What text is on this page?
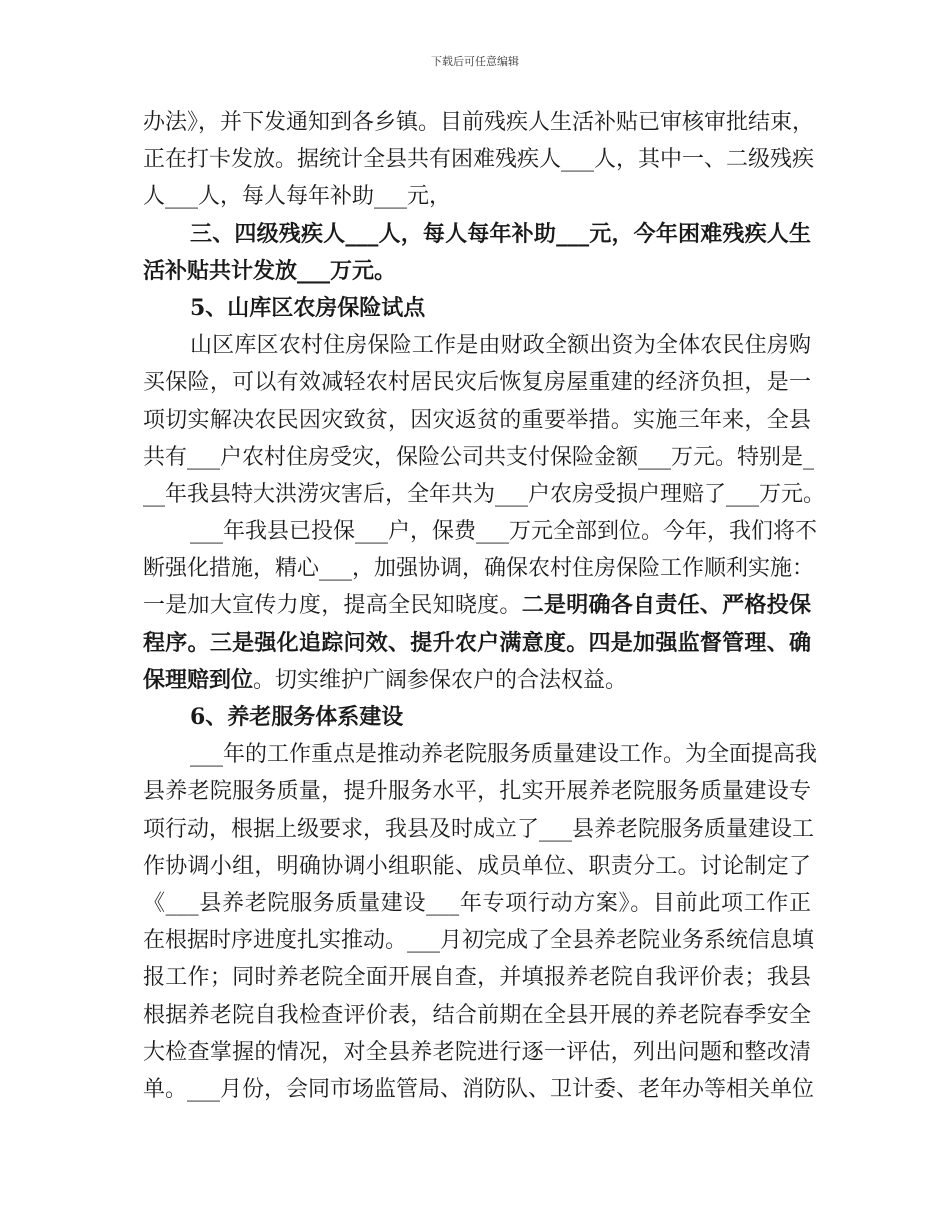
下载后可任意编辑
办法》，并下发通知到各乡镇。目前残疾人生活补贴已审核审批结束，
正在打卡发放。据统计全县共有困难残疾人___人，其中一、二级残疾
人___人，每人每年补助___元，
三、四级残疾人___人，每人每年补助___元，今年困难残疾人生
活补贴共计发放___万元。
5、山库区农房保险试点
山区库区农村住房保险工作是由财政全额出资为全体农民住房购
买保险，可以有效减轻农村居民灾后恢复房屋重建的经济负担，是一
项切实解决农民因灾致贫，因灾返贫的重要举措。实施三年来，全县
共有___户农村住房受灾，保险公司共支付保险金额___万元。特别是_
__年我县特大洪涝灾害后，全年共为___户农房受损户理赔了___万元。
___年我县已投保___户，保费___万元全部到位。今年，我们将不
断强化措施，精心___，加强协调，确保农村住房保险工作顺利实施：
一是加大宣传力度，提高全民知晓度。二是明确各自责任、严格投保
程序。三是强化追踪问效、提升农户满意度。四是加强监督管理、确
保理赔到位。切实维护广阔参保农户的合法权益。
6、养老服务体系建设
___年的工作重点是推动养老院服务质量建设工作。为全面提高我
县养老院服务质量，提升服务水平，扎实开展养老院服务质量建设专
项行动，根据上级要求，我县及时成立了___县养老院服务质量建设工
作协调小组，明确协调小组职能、成员单位、职责分工。讨论制定了
《___县养老院服务质量建设___年专项行动方案》。目前此项工作正
在根据时序进度扎实推动。___月初完成了全县养老院业务系统信息填
报工作；同时养老院全面开展自查，并填报养老院自我评价表；我县
根据养老院自我检查评价表，结合前期在全县开展的养老院春季安全
大检查掌握的情况，对全县养老院进行逐一评估，列出问题和整改清
单。___月份，会同市场监管局、消防队、卫计委、老年办等相关单位
